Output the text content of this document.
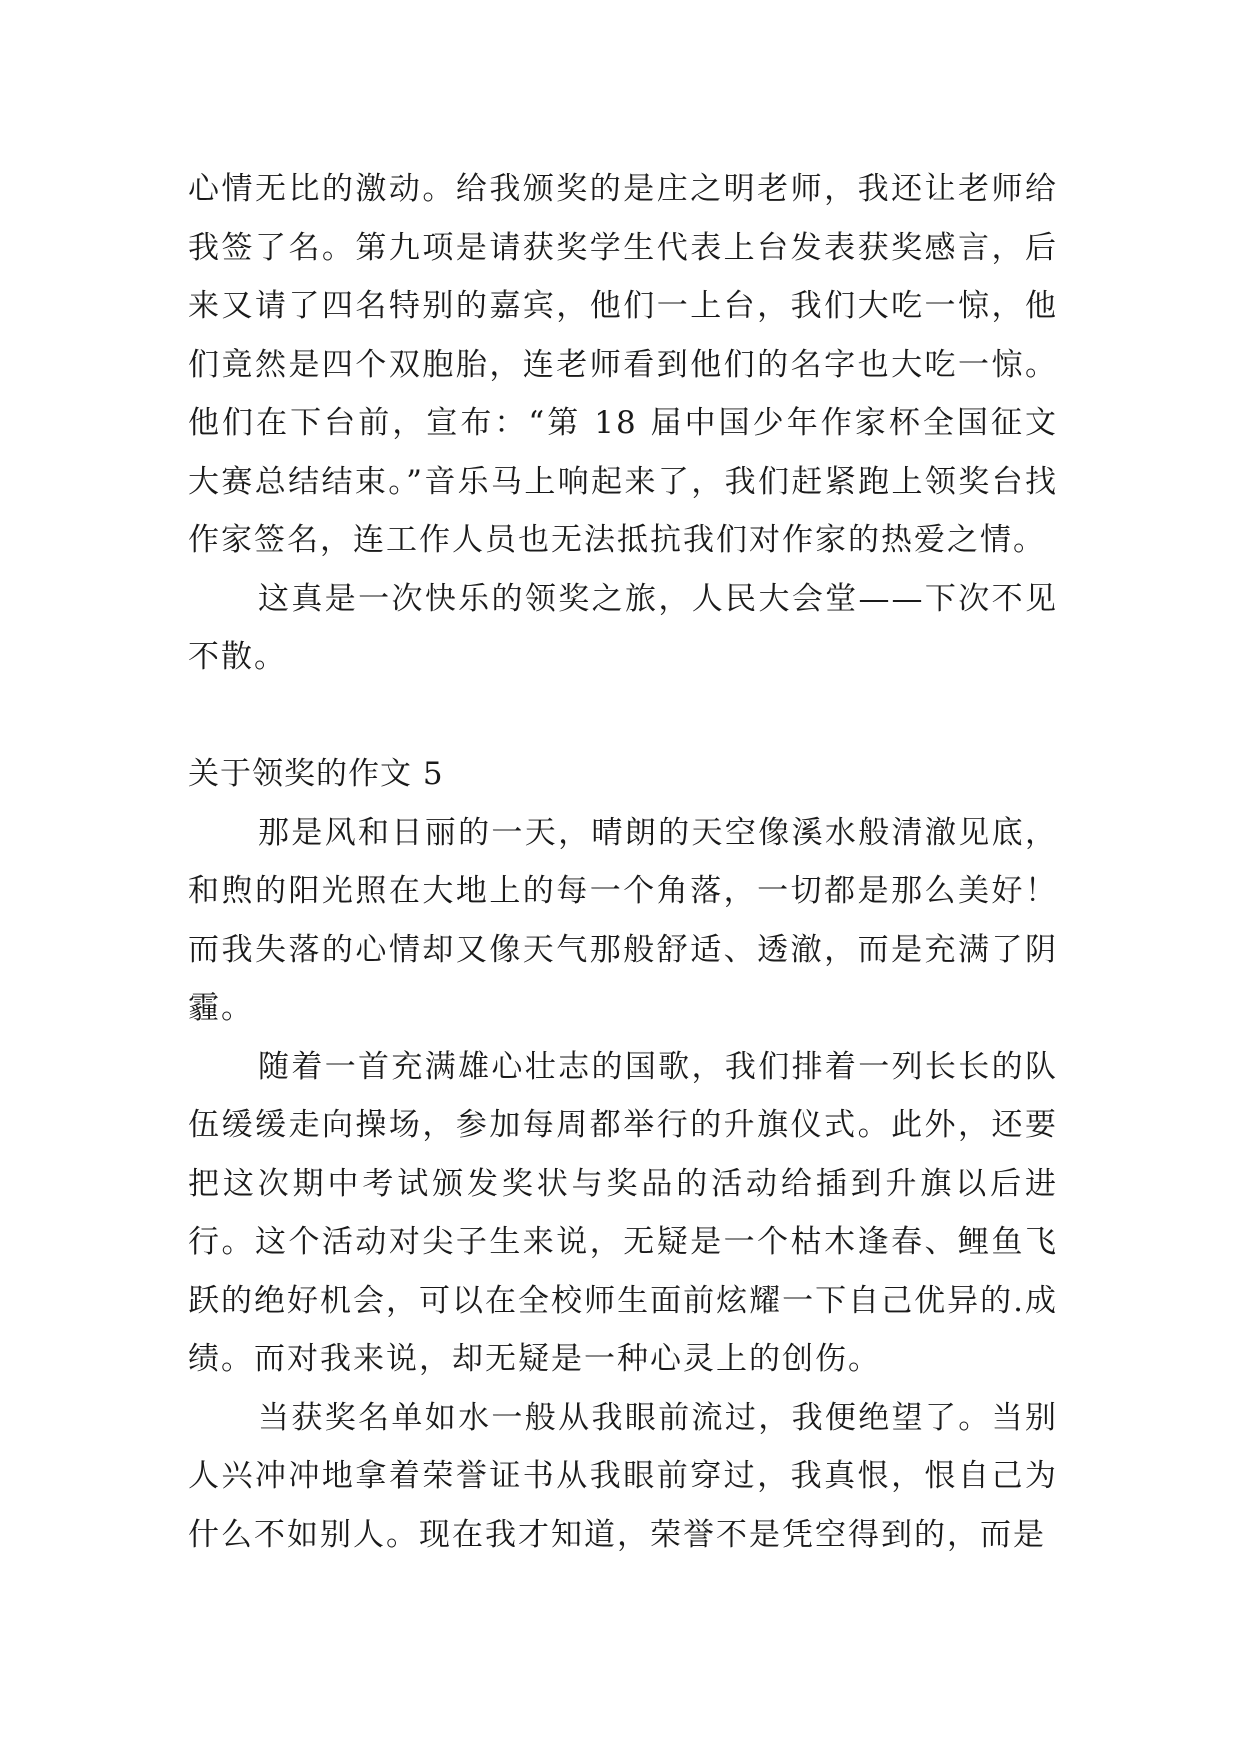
心情无比的激动。给我颁奖的是庄之明老师，我还让老师给我签了名。第九项是请获奖学生代表上台发表获奖感言，后来又请了四名特别的嘉宾，他们一上台，我们大吃一惊，他们竟然是四个双胞胎，连老师看到他们的名字也大吃一惊。他们在下台前，宣布：“第 18 届中国少年作家杯全国征文大赛总结结束。”音乐马上响起来了，我们赶紧跑上领奖台找作家签名，连工作人员也无法抵抗我们对作家的热爱之情。

这真是一次快乐的领奖之旅，人民大会堂——下次不见不散。

关于领奖的作文 5

那是风和日丽的一天，晴朗的天空像溪水般清澈见底，和煦的阳光照在大地上的每一个角落，一切都是那么美好！而我失落的心情却又像天气那般舒适、透澈，而是充满了阴霾。

随着一首充满雄心壮志的国歌，我们排着一列长长的队伍缓缓走向操场，参加每周都举行的升旗仪式。此外，还要把这次期中考试颁发奖状与奖品的活动给插到升旗以后进行。这个活动对尖子生来说，无疑是一个枯木逢春、鲤鱼飞跃的绝好机会，可以在全校师生面前炫耀一下自己优异的.成绩。而对我来说，却无疑是一种心灵上的创伤。

当获奖名单如水一般从我眼前流过，我便绝望了。当别人兴冲冲地拿着荣誉证书从我眼前穿过，我真恨，恨自己为什么不如别人。现在我才知道，荣誉不是凭空得到的，而是
